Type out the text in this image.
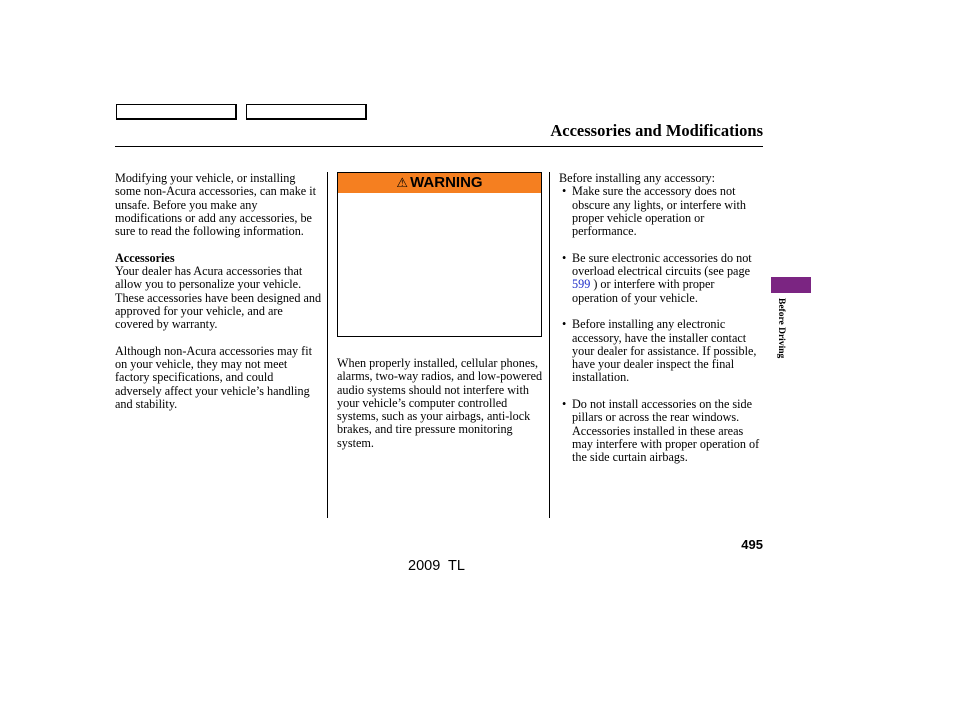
Accessories and Modifications

Modifying your vehicle, or installing some non-Acura accessories, can make it unsafe. Before you make any modifications or add any accessories, be sure to read the following information.

Accessories

Your dealer has Acura accessories that allow you to personalize your vehicle. These accessories have been designed and approved for your vehicle, and are covered by warranty.

Although non-Acura accessories may fit on your vehicle, they may not meet factory specifications, and could adversely affect your vehicle’s handling and stability.

⚠ WARNING

When properly installed, cellular phones, alarms, two-way radios, and low-powered audio systems should not interfere with your vehicle’s computer controlled systems, such as your airbags, anti-lock brakes, and tire pressure monitoring system.

Before installing any accessory:
• Make sure the accessory does not obscure any lights, or interfere with proper vehicle operation or performance.
• Be sure electronic accessories do not overload electrical circuits (see page 599 ) or interfere with proper operation of your vehicle.
• Before installing any electronic accessory, have the installer contact your dealer for assistance. If possible, have your dealer inspect the final installation.
• Do not install accessories on the side pillars or across the rear windows. Accessories installed in these areas may interfere with proper operation of the side curtain airbags.
Before Driving
495
2009  TL
